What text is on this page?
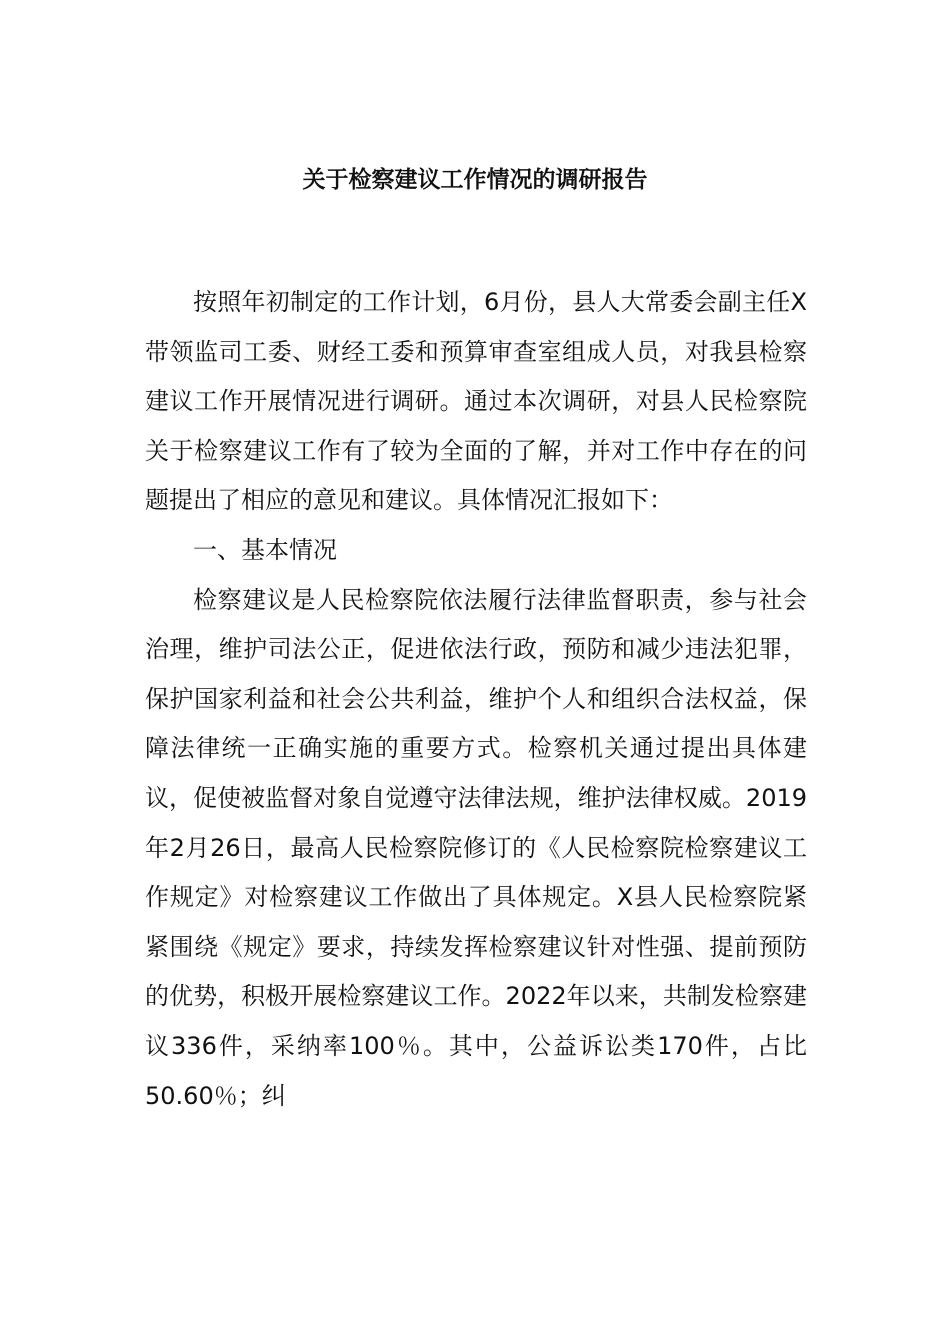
关于检察建议工作情况的调研报告

按照年初制定的工作计划，6月份，县人大常委会副主任X带领监司工委、财经工委和预算审查室组成人员，对我县检察建议工作开展情况进行调研。通过本次调研，对县人民检察院关于检察建议工作有了较为全面的了解，并对工作中存在的问题提出了相应的意见和建议。具体情况汇报如下：

一、基本情况

检察建议是人民检察院依法履行法律监督职责，参与社会治理，维护司法公正，促进依法行政，预防和减少违法犯罪，保护国家利益和社会公共利益，维护个人和组织合法权益，保障法律统一正确实施的重要方式。检察机关通过提出具体建议，促使被监督对象自觉遵守法律法规，维护法律权威。2019年2月26日，最高人民检察院修订的《人民检察院检察建议工作规定》对检察建议工作做出了具体规定。X县人民检察院紧紧围绕《规定》要求，持续发挥检察建议针对性强、提前预防的优势，积极开展检察建议工作。2022年以来，共制发检察建议336件，采纳率100％。其中，公益诉讼类170件，占比50.60％；纠
